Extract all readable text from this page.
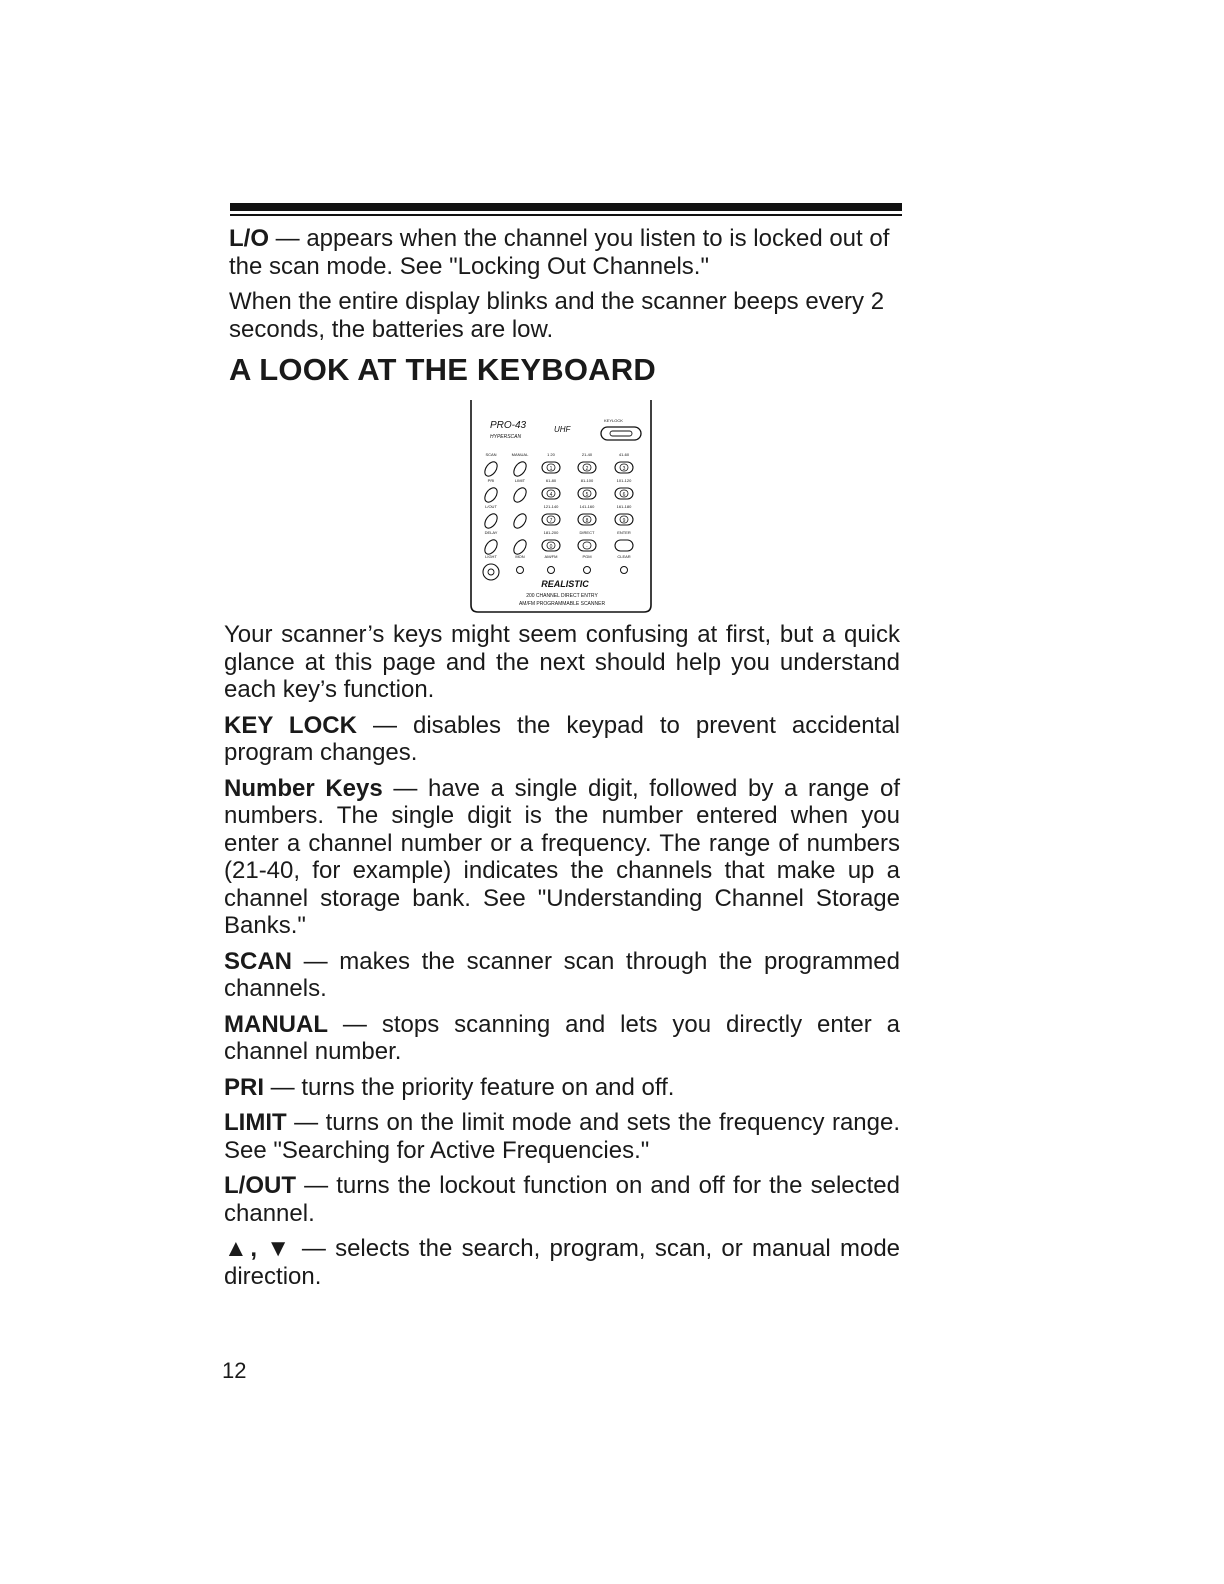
L/O — appears when the channel you listen to is locked out of the scan mode. See "Locking Out Channels."

When the entire display blinks and the scanner beeps every 2 seconds, the batteries are low.

A LOOK AT THE KEYBOARD
PRO-43
HYPERSCAN
UHF
KEYLOCK
SCAN	MANUAL	1 20
1
21-40
2
41-60
3
PRI	LIMIT	61-80
4
81-100
5
101-120
6
L/OUT	121-140
7
141-160
8
161-180
9
DELAY	181-200
0
DIRECT
·
ENTER
LIGHT	MON	AM/FM	PGM	CLEAR
REALISTIC
200 CHANNEL DIRECT ENTRY
AM/FM PROGRAMMABLE SCANNER

Your scanner’s keys might seem confusing at first, but a quick glance at this page and the next should help you understand each key’s function.

KEY LOCK — disables the keypad to prevent accidental program changes.

Number Keys — have a single digit, followed by a range of numbers. The single digit is the number entered when you enter a channel number or a frequency. The range of numbers (21-40, for example) indicates the channels that make up a channel storage bank. See "Understanding Channel Storage Banks."

SCAN — makes the scanner scan through the programmed channels.

MANUAL — stops scanning and lets you directly enter a channel number.

PRI — turns the priority feature on and off.

LIMIT — turns on the limit mode and sets the frequency range. See "Searching for Active Frequencies."

L/OUT — turns the lockout function on and off for the selected channel.

▲, ▼ — selects the search, program, scan, or manual mode direction.

12
